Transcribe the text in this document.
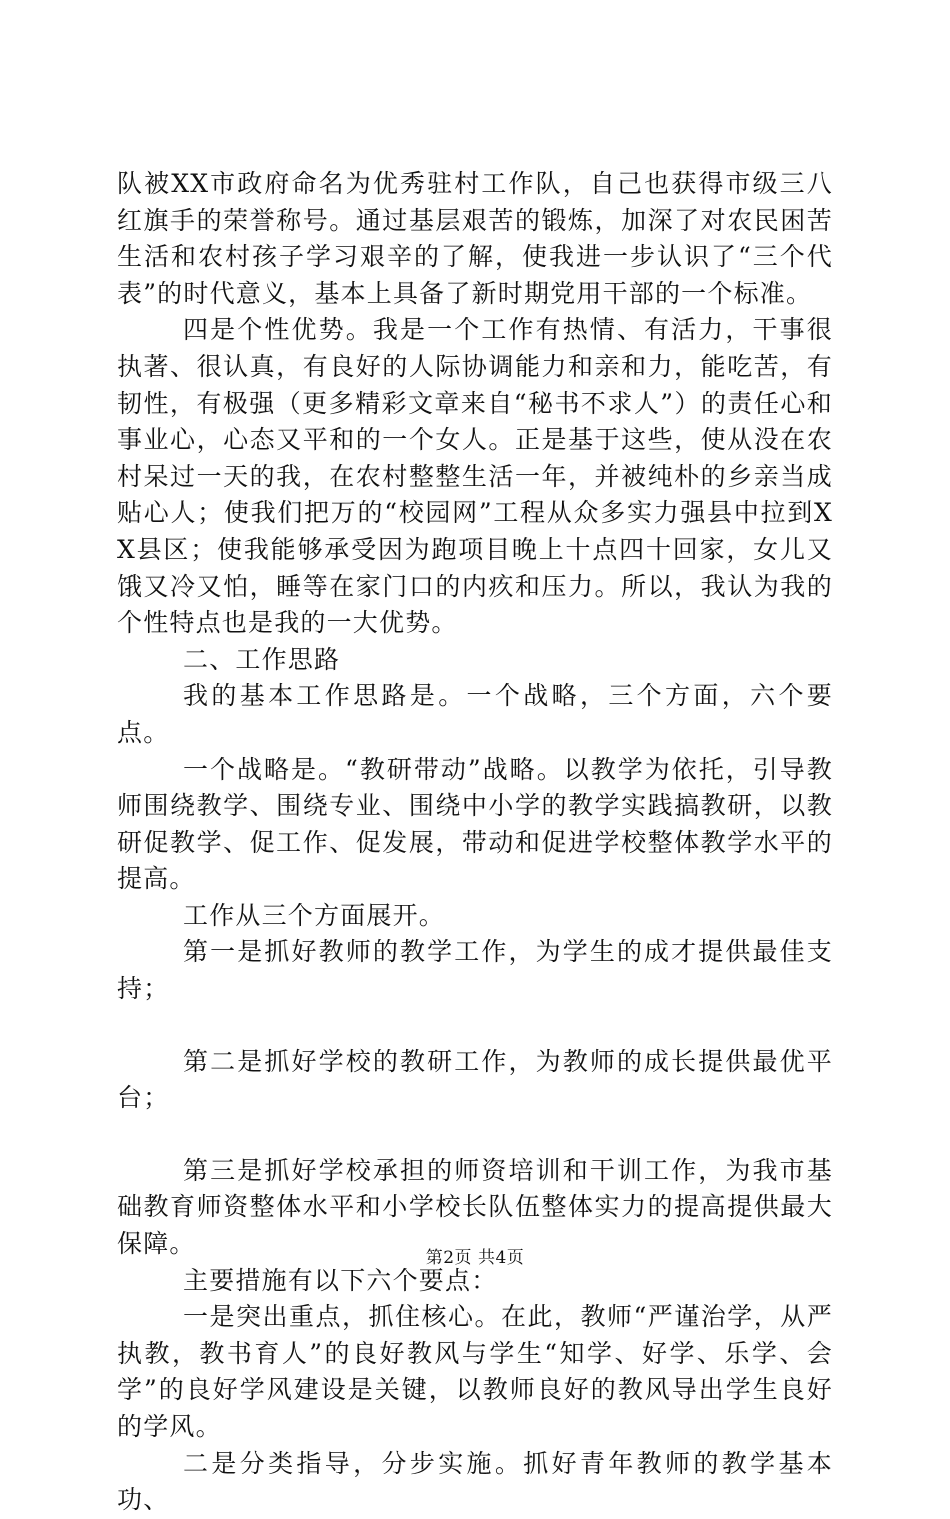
队被XX市政府命名为优秀驻村工作队，自己也获得市级三八红旗手的荣誉称号。通过基层艰苦的锻炼，加深了对农民困苦生活和农村孩子学习艰辛的了解，使我进一步认识了“三个代表”的时代意义，基本上具备了新时期党用干部的一个标准。

四是个性优势。我是一个工作有热情、有活力，干事很执著、很认真，有良好的人际协调能力和亲和力，能吃苦，有韧性，有极强（更多精彩文章来自“秘书不求人”）的责任心和事业心，心态又平和的一个女人。正是基于这些，使从没在农村呆过一天的我，在农村整整生活一年，并被纯朴的乡亲当成贴心人；使我们把万的“校园网”工程从众多实力强县中拉到XX县区；使我能够承受因为跑项目晚上十点四十回家，女儿又饿又冷又怕，睡等在家门口的内疚和压力。所以，我认为我的个性特点也是我的一大优势。

二、工作思路

我的基本工作思路是。一个战略，三个方面，六个要点。

一个战略是。“教研带动”战略。以教学为依托，引导教师围绕教学、围绕专业、围绕中小学的教学实践搞教研，以教研促教学、促工作、促发展，带动和促进学校整体教学水平的提高。

工作从三个方面展开。

第一是抓好教师的教学工作，为学生的成才提供最佳支持；

第二是抓好学校的教研工作，为教师的成长提供最优平台；

第三是抓好学校承担的师资培训和干训工作，为我市基础教育师资整体水平和小学校长队伍整体实力的提高提供最大保障。

主要措施有以下六个要点：

一是突出重点，抓住核心。在此，教师“严谨治学，从严执教，教书育人”的良好教风与学生“知学、好学、乐学、会学”的良好学风建设是关键，以教师良好的教风导出学生良好的学风。

二是分类指导，分步实施。抓好青年教师的教学基本功、

第2页 共4页
